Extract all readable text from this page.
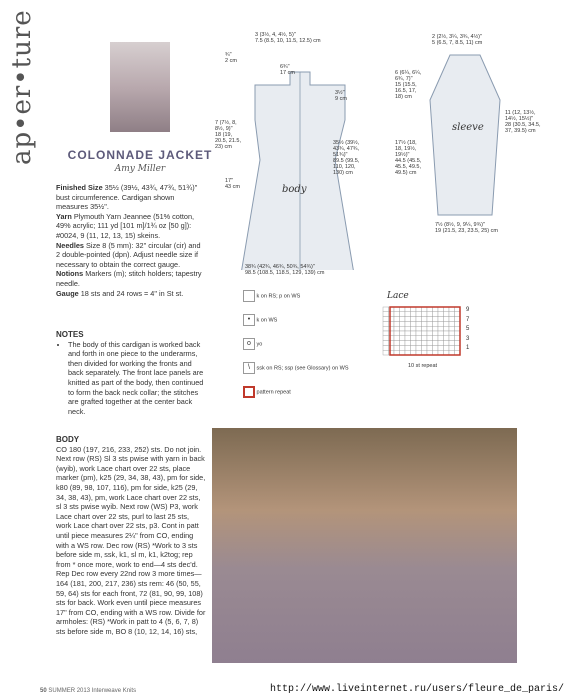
ap•er•ture	COLONNADE JACKET
Amy Miller
Finished Size 35½ (39½, 43¾, 47¾, 51¾)" bust circumference. Cardigan shown measures 35½".
Yarn Plymouth Yarn Jeannee (51% cotton, 49% acrylic; 111 yd [101 m]/1¾ oz [50 g]): #0024, 9 (11, 12, 13, 15) skeins.
Needles Size 8 (5 mm): 32" circular (cir) and 2 double-pointed (dpn). Adjust needle size if necessary to obtain the correct gauge.
Notions Markers (m); stitch holders; tapestry needle.
Gauge 18 sts and 24 rows = 4" in St st.
NOTES
• The body of this cardigan is worked back and forth in one piece to the underarms, then divided for working the fronts and back separately. The front lace panels are knitted as part of the body, then continued to form the back neck collar; the stitches are grafted together at the center back neck.
BODY
CO 180 (197, 216, 233, 252) sts. Do not join. Next row (RS) Sl 3 sts pwise with yarn in back (wyib), work Lace chart over 22 sts, place marker (pm), k25 (29, 34, 38, 43), pm for side, k80 (89, 98, 107, 116), pm for side, k25 (29, 34, 38, 43), pm, work Lace chart over 22 sts, sl 3 sts pwise wyib. Next row (WS) P3, work Lace chart over 22 sts, purl to last 25 sts, work Lace chart over 22 sts, p3. Cont in patt until piece measures 2¼" from CO, ending with a WS row. Dec row (RS) *Work to 3 sts before side m, ssk, k1, sl m, k1, k2tog; rep from * once more, work to end—4 sts dec'd. Rep Dec row every 22nd row 3 more times—164 (181, 200, 217, 236) sts rem: 46 (50, 55, 59, 64) sts for each front, 72 (81, 90, 99, 108) sts for back. Work even until piece measures 17" from CO, ending with a WS row. Divide for armholes: (RS) *Work in patt to 4 (5, 6, 7, 8) sts before side m, BO 8 (10, 12, 14, 16) sts,
3 (3½, 4, 4½, 5)"
7.5 (8.5, 10, 11.5, 12.5) cm
6¾"
17 cm
¾"
2 cm
3½"
9 cm
7 (7½, 8, 8½, 9)"
18 (19, 20.5, 21.5, 23) cm
17"
43 cm	body
35½ (39½, 43¾, 47¾, 51¾)"
89.5 (99.5, 110, 120, 130) cm
38¾ (42¾, 46¾, 50¾, 54¾)"
98.5 (108.5, 118.5, 129, 139) cm
2 (2½, 3¼, 3¾, 4½)"
5 (6.5, 7, 8.5, 11) cm
6 (6¼, 6¼, 6¾, 7)"
15 (15.5, 16.5, 17, 18) cm
17½ (18, 18, 19½, 19½)"
44.5 (45.5, 45.5, 49.5, 49.5) cm
11 (12, 13½, 14½, 15½)"
28 (30.5, 34.5, 37, 39.5) cm
sleeve
7½ (8½, 9, 9¼, 9¾)"
19 (21.5, 23, 23.5, 25) cm
k on RS; p on WS
• k on WS
o yo
\ ssk on RS; ssp (see Glossary) on WS
pattern repeat
Lace
9
7
5
3
1
10 st repeat
50 SUMMER 2013 Interweave Knits	http://www.liveinternet.ru/users/fleure_de_paris/
